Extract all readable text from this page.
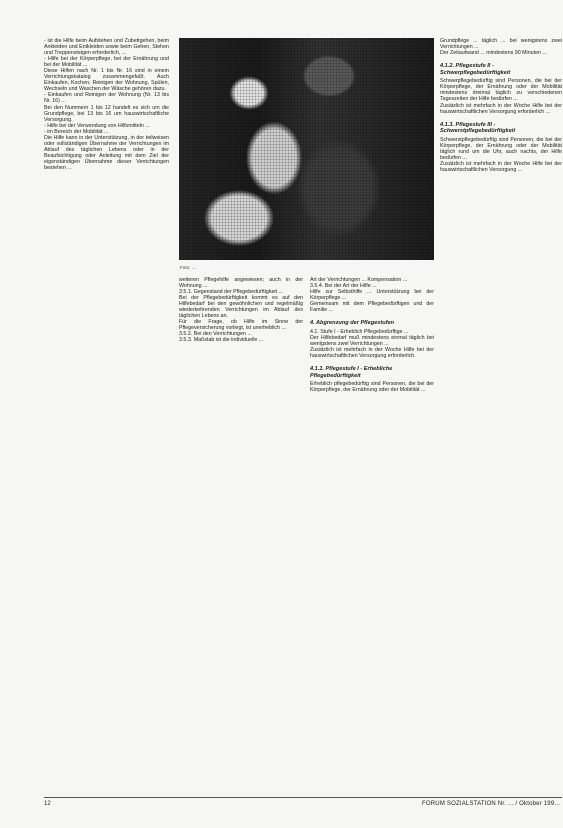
- ist die Hilfe beim Aufstehen und Zubettgehen, beim Ankleiden und Entkleiden sowie beim Gehen, Stehen und Treppensteigen erforderlich, ...

- Hilfe bei der Körperpflege, bei der Ernährung und bei der Mobilität ...

Diese Hilfen nach Nr. 1 bis Nr. 16 sind in einem Verrichtungskatalog zusammengefaßt. Auch Einkaufen, Kochen, Reinigen der Wohnung, Spülen, Wechseln und Waschen der Wäsche gehören dazu.

- Einkaufen und Reinigen der Wohnung (Nr. 13 bis Nr. 16) ...

Bei den Nummern 1 bis 12 handelt es sich um die Grundpflege, bei 13 bis 16 um hauswirtschaftliche Versorgung.

- Hilfe bei der Verwendung von Hilfsmitteln ...

- im Bereich der Mobilität ...

Die Hilfe kann in der Unterstützung, in der teilweisen oder vollständigen Übernahme der Verrichtungen im Ablauf des täglichen Lebens oder in der Beaufsichtigung oder Anleitung mit dem Ziel der eigenständigen Übernahme dieser Verrichtungen bestehen ...

Foto: ...

weiteren Pflegehilfe angewiesen; auch in der Wohnung ...

3.5.1. Gegenstand der Pflegebedürftigkeit ...

Bei der Pflegebedürftigkeit kommt es auf den Hilfebedarf bei den gewöhnlichen und regelmäßig wiederkehrenden Verrichtungen im Ablauf des täglichen Lebens an.

Für die Frage, ob Hilfe im Sinne der Pflegeversicherung vorliegt, ist unerheblich ...

3.5.2. Bei den Verrichtungen ...

3.5.3. Maßstab ist die individuelle ...

Art der Verrichtungen ... Kompensation ...

3.5.4. Bei der Art der Hilfe ...

Hilfe zur Selbsthilfe ... Unterstützung bei der Körperpflege ...

Gemeinsam mit dem Pflegebedürftigen und der Familie ...

4. Abgrenzung der Pflegestufen

4.1. Stufe I - Erheblich Pflegebedürftige ...

Der Hilfebedarf muß mindestens einmal täglich bei wenigstens zwei Verrichtungen ...

Zusätzlich ist mehrfach in der Woche Hilfe bei der hauswirtschaftlichen Versorgung erforderlich.

4.1.1. Pflegestufe I - Erhebliche Pflegebedürftigkeit

Erheblich pflegebedürftig sind Personen, die bei der Körperpflege, der Ernährung oder der Mobilität ...

Grundpflege ... täglich ... bei wenigstens zwei Verrichtungen ...

Der Zeitaufwand ... mindestens 90 Minuten ...

4.1.2. Pflegestufe II - Schwerpflegebedürftigkeit

Schwerpflegebedürftig sind Personen, die bei der Körperpflege, der Ernährung oder der Mobilität mindestens dreimal täglich zu verschiedenen Tageszeiten der Hilfe bedürfen ...

Zusätzlich ist mehrfach in der Woche Hilfe bei der hauswirtschaftlichen Versorgung erforderlich ...

4.1.3. Pflegestufe III - Schwerstpflegebedürftigkeit

Schwerstpflegebedürftig sind Personen, die bei der Körperpflege, der Ernährung oder der Mobilität täglich rund um die Uhr, auch nachts, der Hilfe bedürfen ...

Zusätzlich ist mehrfach in der Woche Hilfe bei der hauswirtschaftlichen Versorgung ...

12	FORUM SOZIALSTATION Nr. ... / Oktober 199...
